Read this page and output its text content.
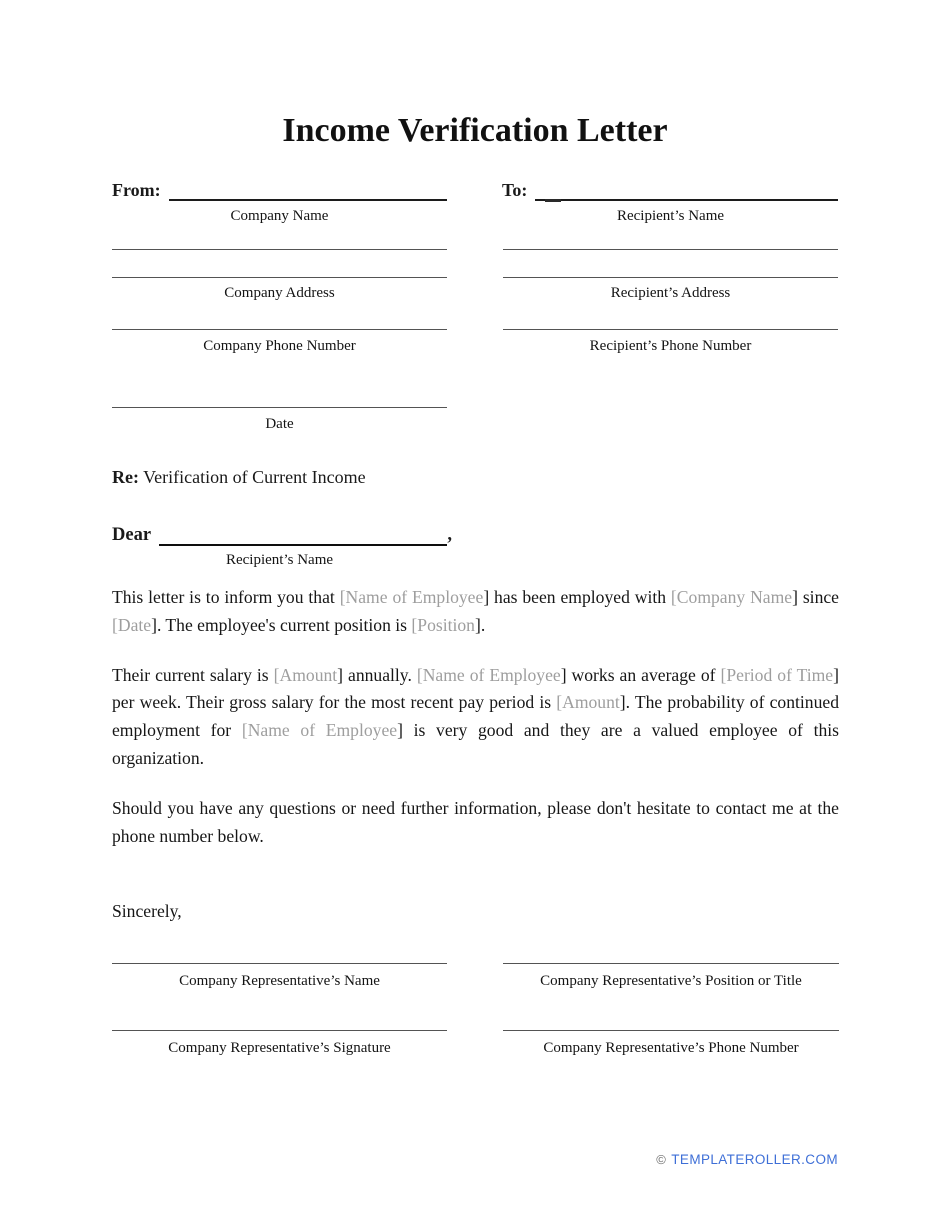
Income Verification Letter
From:	To:
Company Name	Recipient’s Name
Company Address	Recipient’s Address
Company Phone Number	Recipient’s Phone Number
Date
Re: Verification of Current Income
Dear	,
Recipient’s Name

This letter is to inform you that [Name of Employee] has been employed with [Company Name] since [Date]. The employee's current position is [Position].

Their current salary is [Amount] annually. [Name of Employee] works an average of [Period of Time] per week. Their gross salary for the most recent pay period is [Amount]. The probability of continued employment for [Name of Employee] is very good and they are a valued employee of this organization.

Should you have any questions or need further information, please don't hesitate to contact me at the phone number below.

Sincerely,
Company Representative’s Name	Company Representative’s Position or Title
Company Representative’s Signature	Company Representative’s Phone Number
© TEMPLATEROLLER.COM
